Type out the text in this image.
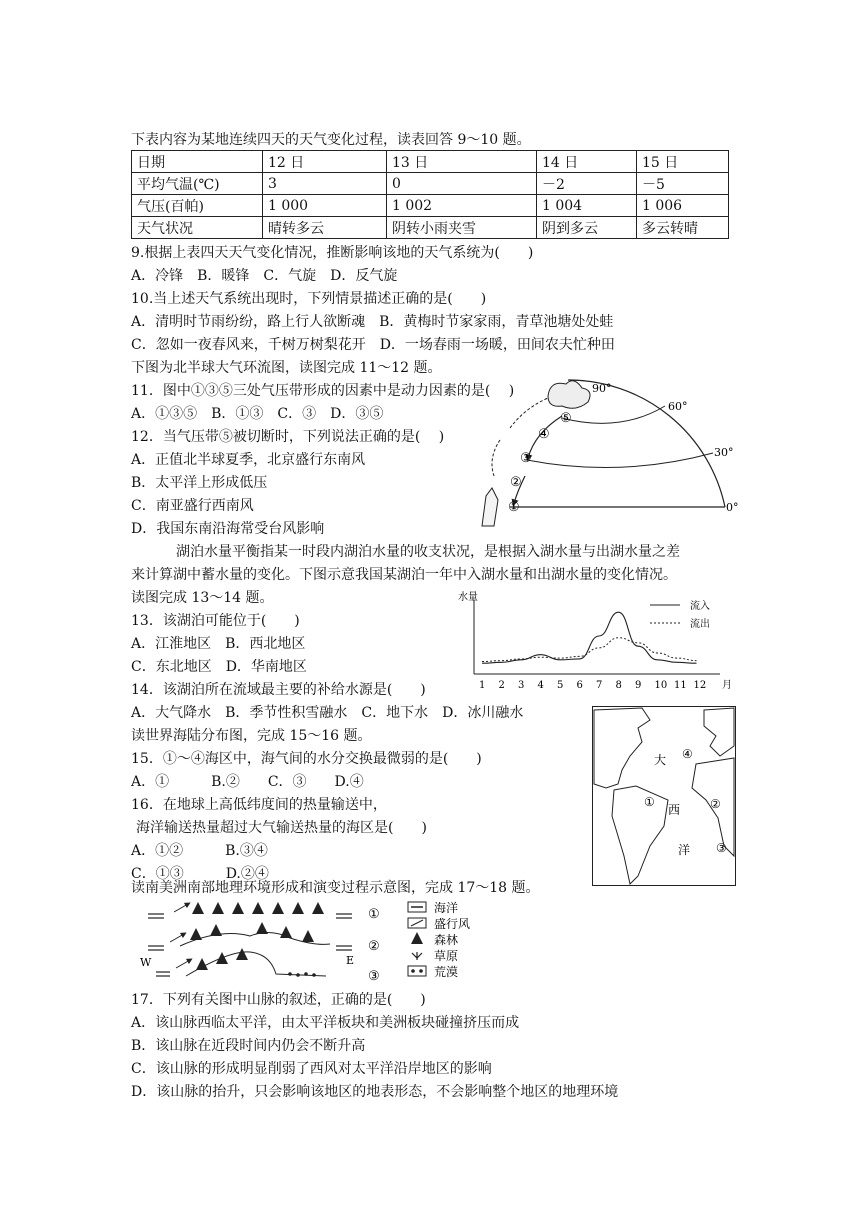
下表内容为某地连续四天的天气变化过程，读表回答 9～10 题。
日期	12 日	13 日	14 日	15 日
平均气温(℃)	3	0	－2	－5
气压(百帕)	1 000	1 002	1 004	1 006
天气状况	晴转多云	阴转小雨夹雪	阴到多云	多云转晴
9.根据上表四天天气变化情况，推断影响该地的天气系统为(　　)
A．冷锋　B．暖锋　C．气旋　D．反气旋
10.当上述天气系统出现时，下列情景描述正确的是(　　)
A．清明时节雨纷纷，路上行人欲断魂　B．黄梅时节家家雨，青草池塘处处蛙
C．忽如一夜春风来，千树万树梨花开　D．一场春雨一场暖，田间农夫忙种田
下图为北半球大气环流图，读图完成 11～12 题。
11．图中①③⑤三处气压带形成的因素中是动力因素的是(　 )
A．①③⑤　B．①③　C．③　D．③⑤
12．当气压带⑤被切断时，下列说法正确的是(　 )
A．正值北半球夏季，北京盛行东南风
B．太平洋上形成低压
C．南亚盛行西南风
D．我国东南沿海常受台风影响
⑤
④
③
②
①
90°
60°
30°
0°
湖泊水量平衡指某一时段内湖泊水量的收支状况，是根据入湖水量与出湖水量之差
来计算湖中蓄水量的变化。下图示意我国某湖泊一年中入湖水量和出湖水量的变化情况。
读图完成 13～14 题。
13．该湖泊可能位于(　　)
A．江淮地区　B．西北地区
C．东北地区　D．华南地区
14．该湖泊所在流域最主要的补给水源是(　　)
A．大气降水　B．季节性积雪融水　C．地下水　D．冰川融水
水量
流入
流出
1 2 3 4 5 6 7 8 9 10 11 12 月
读世界海陆分布图，完成 15～16 题。
15．①～④海区中，海气间的水分交换最微弱的是(　　)
A．①　　　B.②　　C．③　　D.④
16．在地球上高低纬度间的热量输送中，
海洋输送热量超过大气输送热量的海区是(　　)
A．①②　　　B.③④
C．①③　　　D.②④
大
西
洋
①	②
③
④
读南美洲南部地理环境形成和演变过程示意图，完成 17～18 题。
①
②
W	E
③
海洋
盛行风
森林
草原
荒漠
17．下列有关图中山脉的叙述，正确的是(　　)
A．该山脉西临太平洋，由太平洋板块和美洲板块碰撞挤压而成
B．该山脉在近段时间内仍会不断升高
C．该山脉的形成明显削弱了西风对太平洋沿岸地区的影响
D．该山脉的抬升，只会影响该地区的地表形态，不会影响整个地区的地理环境
